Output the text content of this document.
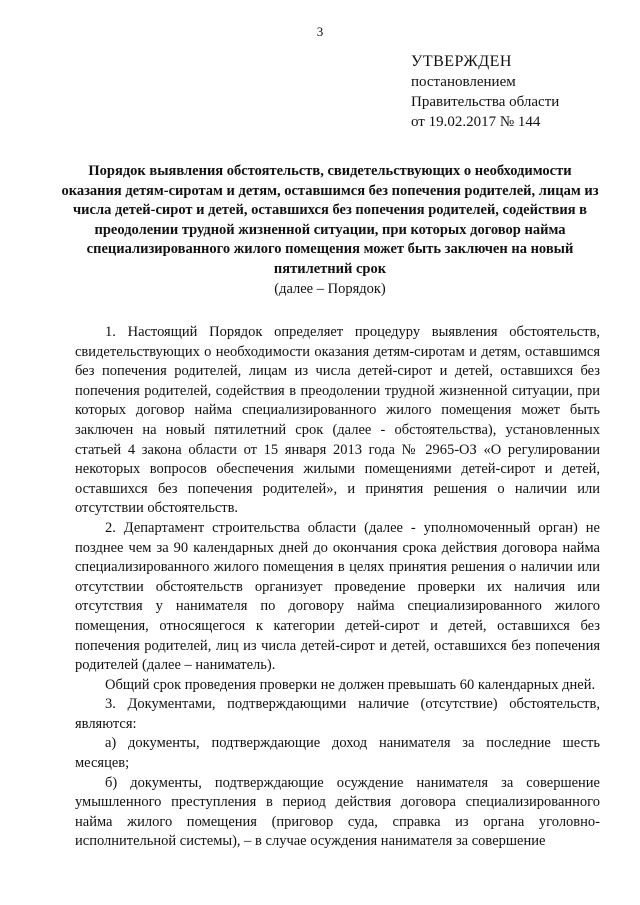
3
УТВЕРЖДЕН
постановлением
Правительства области
от 19.02.2017 № 144
Порядок выявления обстоятельств, свидетельствующих о необходимости оказания детям-сиротам и детям, оставшимся без попечения родителей, лицам из числа детей-сирот и детей, оставшихся без попечения родителей, содействия в преодолении трудной жизненной ситуации, при которых договор найма специализированного жилого помещения может быть заключен на новый пятилетний срок
(далее – Порядок)

1. Настоящий Порядок определяет процедуру выявления обстоятельств, свидетельствующих о необходимости оказания детям-сиротам и детям, оставшимся без попечения родителей, лицам из числа детей-сирот и детей, оставшихся без попечения родителей, содействия в преодолении трудной жизненной ситуации, при которых договор найма специализированного жилого помещения может быть заключен на новый пятилетний срок (далее - обстоятельства), установленных статьей 4 закона области от 15 января 2013 года № 2965-ОЗ «О регулировании некоторых вопросов обеспечения жилыми помещениями детей-сирот и детей, оставшихся без попечения родителей», и принятия решения о наличии или отсутствии обстоятельств.

2. Департамент строительства области (далее - уполномоченный орган) не позднее чем за 90 календарных дней до окончания срока действия договора найма специализированного жилого помещения в целях принятия решения о наличии или отсутствии обстоятельств организует проведение проверки их наличия или отсутствия у нанимателя по договору найма специализированного жилого помещения, относящегося к категории детей-сирот и детей, оставшихся без попечения родителей, лиц из числа детей-сирот и детей, оставшихся без попечения родителей (далее – наниматель).

Общий срок проведения проверки не должен превышать 60 календарных дней.

3. Документами, подтверждающими наличие (отсутствие) обстоятельств, являются:

а) документы, подтверждающие доход нанимателя за последние шесть месяцев;

б) документы, подтверждающие осуждение нанимателя за совершение умышленного преступления в период действия договора специализированного найма жилого помещения (приговор суда, справка из органа уголовно-исполнительной системы), – в случае осуждения нанимателя за совершение
